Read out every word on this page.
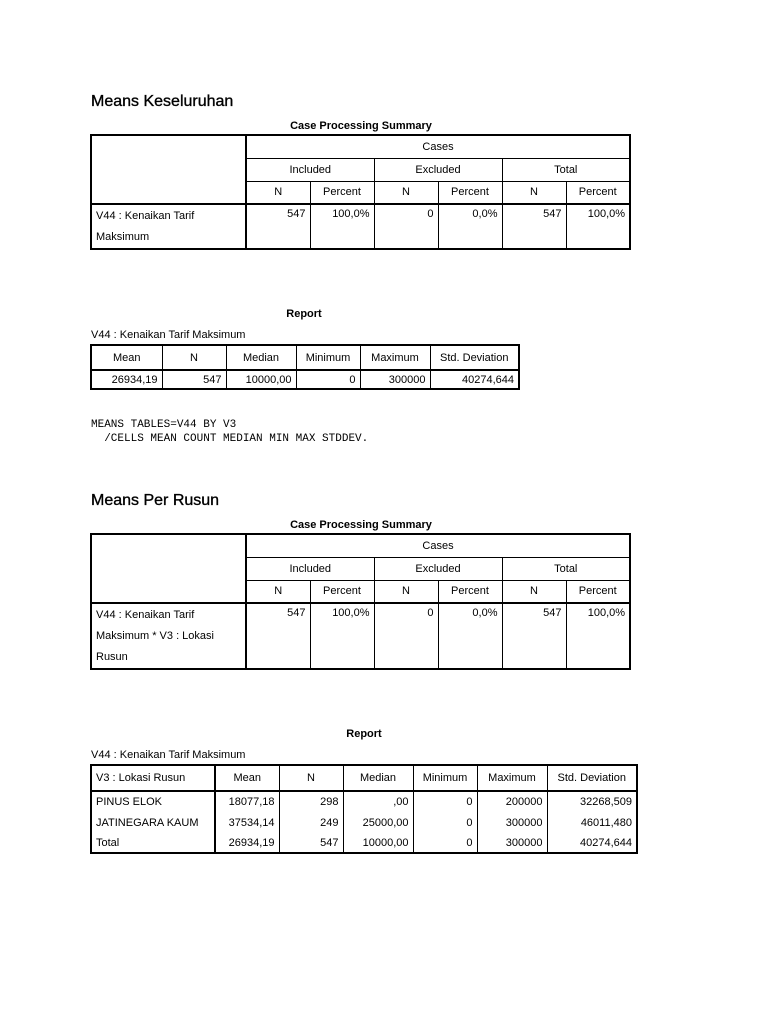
Means Keseluruhan
Case Processing Summary
	Cases					
	Included		Excluded		Total	
	N	Percent	N	Percent	N	Percent
V44 : Kenaikan Tarif Maksimum	547	100,0%	0	0,0%	547	100,0%
Report
V44 : Kenaikan Tarif Maksimum
Mean	N	Median	Minimum	Maximum	Std. Deviation
26934,19	547	10000,00	0	300000	40274,644
MEANS TABLES=V44 BY V3
/CELLS MEAN COUNT MEDIAN MIN MAX STDDEV.
Means Per Rusun
Case Processing Summary
	Cases					
	Included		Excluded		Total	
	N	Percent	N	Percent	N	Percent
V44 : Kenaikan Tarif Maksimum * V3 : Lokasi Rusun	547	100,0%	0	0,0%	547	100,0%
Report
V44 : Kenaikan Tarif Maksimum
V3 : Lokasi Rusun	Mean	N	Median	Minimum	Maximum	Std. Deviation
PINUS ELOK	18077,18	298	,00	0	200000	32268,509
JATINEGARA KAUM	37534,14	249	25000,00	0	300000	46011,480
Total	26934,19	547	10000,00	0	300000	40274,644
